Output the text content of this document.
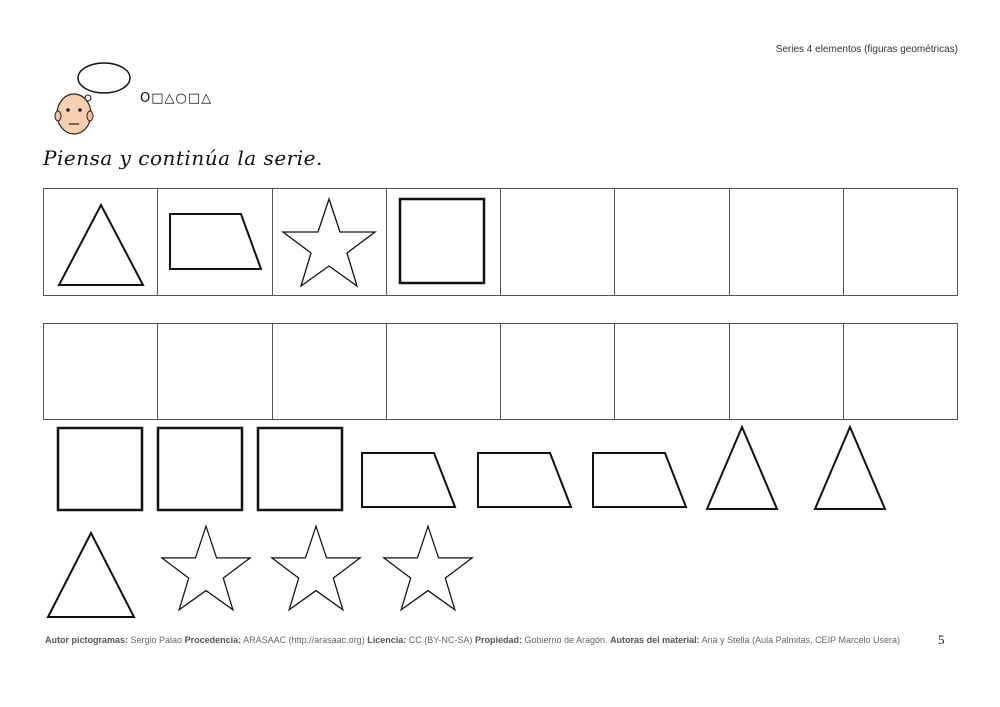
Series 4 elementos (figuras geométricas)
O□△○□△
Piensa y continúa la serie.
Autor pictogramas: Sergio Palao Procedencia: ARASAAC (http://arasaac.org) Licencia: CC (BY-NC-SA) Propiedad: Gobierno de Aragón. Autoras del material: Ana y Stella (Aula Palmitas, CEIP Marcelo Usera)	5
